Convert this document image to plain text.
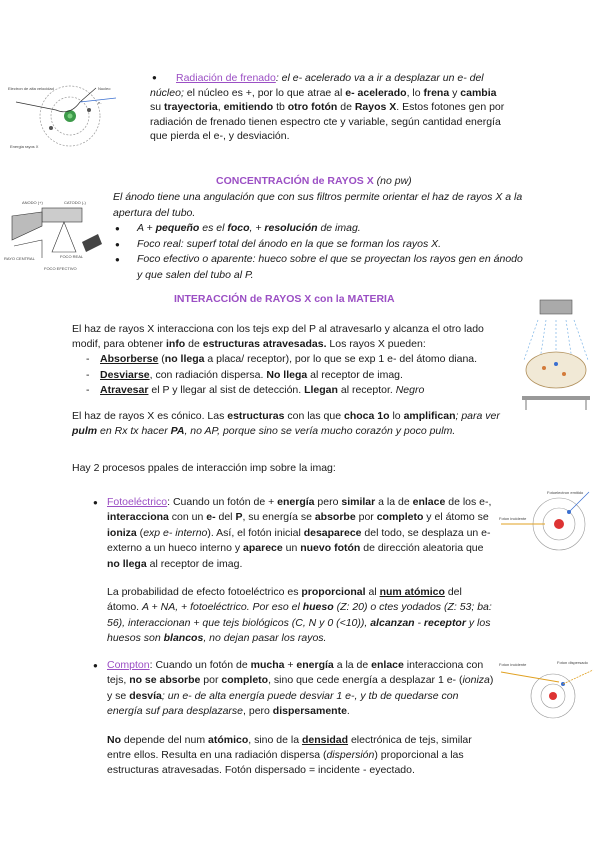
Electron de alta velocidad	Nucleo
e-
Energia rayos X
● Radiación de frenado: el e- acelerado va a ir a desplazar un e- del
núcleo; el núcleo es +, por lo que atrae al e- acelerado, lo frena y cambia su trayectoria, emitiendo tb otro fotón de Rayos X. Estos fotones gen por radiación de frenado tienen espectro cte y variable, según cantidad energía que pierda el e-, y desviación.
CONCENTRACIÓN de RAYOS X (no pw)
ANODO (+)	CATODO (-)
RAYO CENTRAL	FOCO REAL
FOCO EFECTIVO
El ánodo tiene una angulación que con sus filtros permite orientar el haz de rayos X a la apertura del tubo.
● A + pequeño es el foco, + resolución de imag.
● Foco real: superf total del ánodo en la que se forman los rayos X.
● Foco efectivo o aparente: hueco sobre el que se proyectan los rayos gen en ánodo y que salen del tubo al P.
INTERACCIÓN de RAYOS X con la MATERIA
El haz de rayos X interacciona con los tejs exp del P al atravesarlo y alcanza el otro lado modif, para obtener info de estructuras atravesadas. Los rayos X pueden:
- Absorberse (no llega a placa/ receptor), por lo que se exp 1 e- del átomo diana.
- Desviarse, con radiación dispersa. No llega al receptor de imag.
- Atravesar el P y llegar al sist de detección. Llegan al receptor. Negro
El haz de rayos X es cónico. Las estructuras con las que choca 1o lo amplifican; para ver pulm en Rx tx hacer PA, no AP, porque sino se vería mucho corazón y poco pulm.
Hay 2 procesos ppales de interacción imp sobre la imag:
Fotoelectron emitido
Foton incidente
● Fotoeléctrico: Cuando un fotón de + energía pero similar a la de enlace de los e-, interacciona con un e- del P, su energía se absorbe por completo y el átomo se ioniza (exp e- interno). Así, el fotón inicial desaparece del todo, se desplaza un e- externo a un hueco interno y aparece un nuevo fotón de dirección aleatoria que no llega al receptor de imag.
La probabilidad de efecto fotoeléctrico es proporcional al num atómico del átomo. A + NA, + fotoeléctrico. Por eso el hueso (Z: 20) o ctes yodados (Z: 53; ba: 56), interaccionan + que tejs biológicos (C, N y 0 (<10)), alcanzan - receptor y los huesos son blancos, no dejan pasar los rayos.
Foton incidente	Foton dispersado
● Compton: Cuando un fotón de mucha + energía a la de enlace interacciona con tejs, no se absorbe por completo, sino que cede energía a desplazar 1 e- (ioniza) y se desvía; un e- de alta energía puede desviar 1 e-, y tb de quedarse con energía suf para desplazarse, pero dispersamente.
No depende del num atómico, sino de la densidad electrónica de tejs, similar entre ellos. Resulta en una radiación dispersa (dispersión) proporcional a las estructuras atravesadas. Fotón dispersado = incidente - eyectado.
